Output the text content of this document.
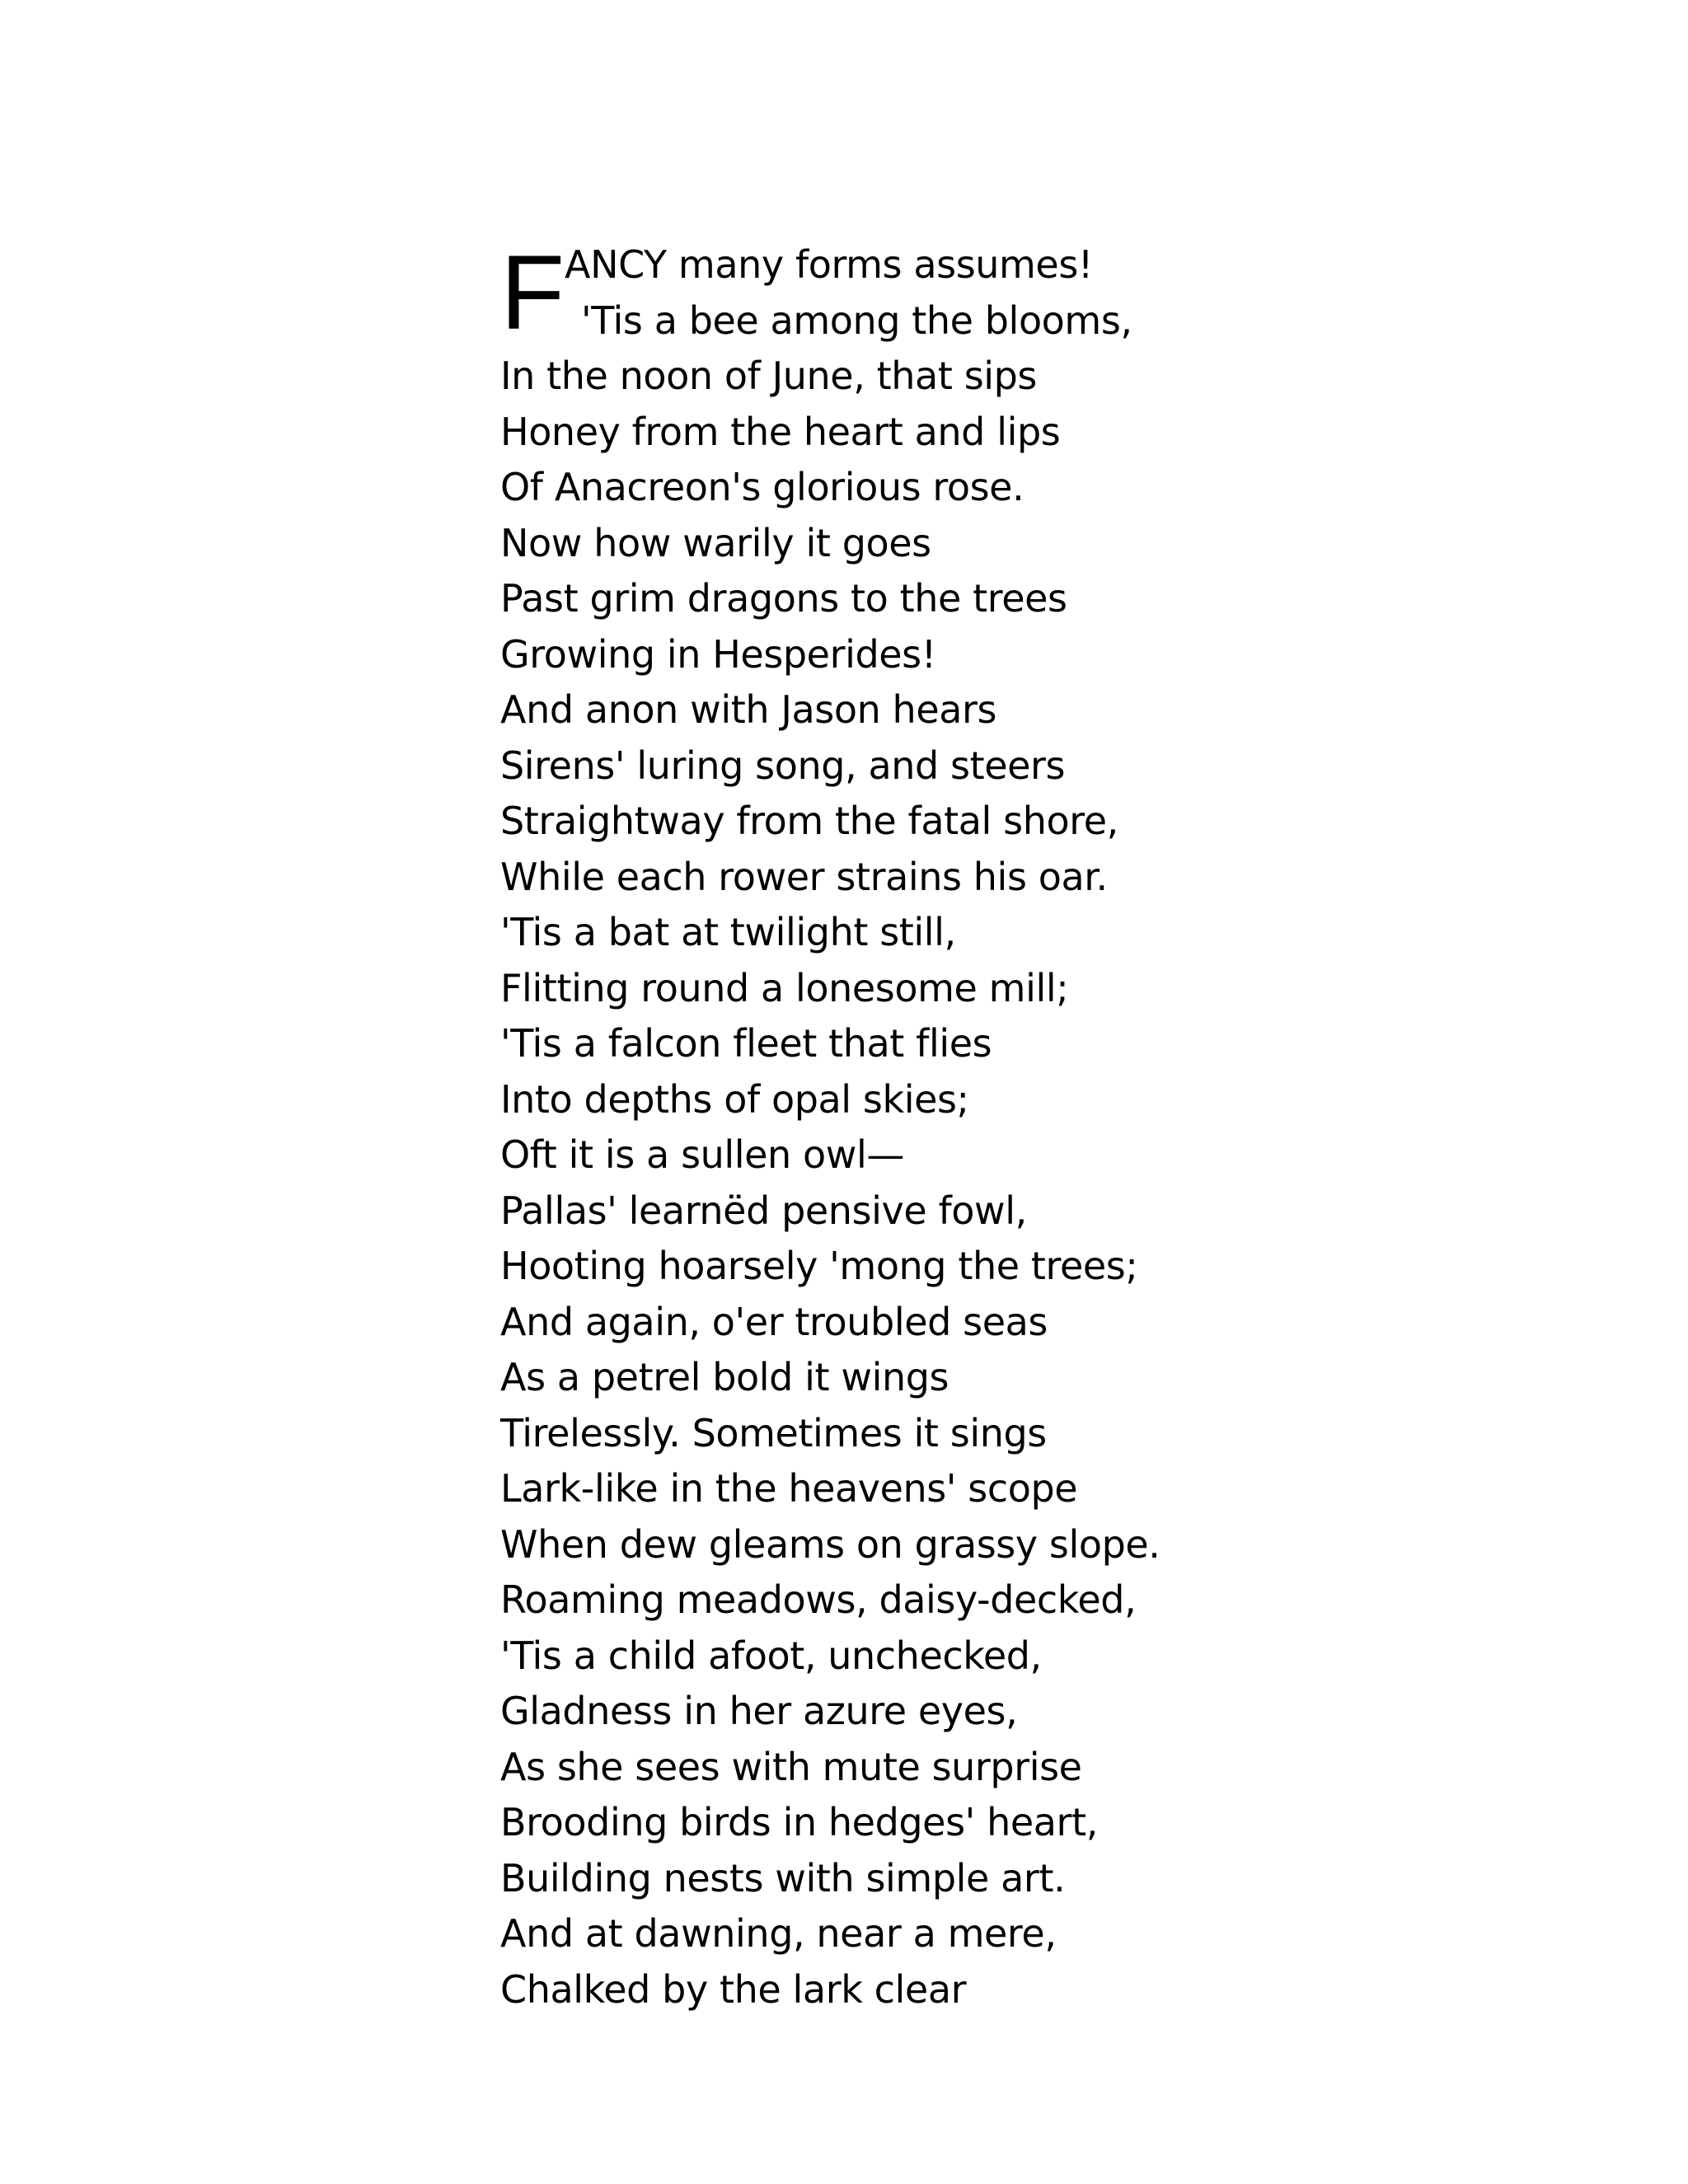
F ANCY many forms assumes!
'Tis a bee among the blooms,
In the noon of June, that sips
Honey from the heart and lips
Of Anacreon's glorious rose.
Now how warily it goes
Past grim dragons to the trees
Growing in Hesperides!
And anon with Jason hears
Sirens' luring song, and steers
Straightway from the fatal shore,
While each rower strains his oar.
'Tis a bat at twilight still,
Flitting round a lonesome mill;
'Tis a falcon fleet that flies
Into depths of opal skies;
Oft it is a sullen owl—
Pallas' learnëd pensive fowl,
Hooting hoarsely 'mong the trees;
And again, o'er troubled seas
As a petrel bold it wings
Tirelessly. Sometimes it sings
Lark-like in the heavens' scope
When dew gleams on grassy slope.
Roaming meadows, daisy-decked,
'Tis a child afoot, unchecked,
Gladness in her azure eyes,
As she sees with mute surprise
Brooding birds in hedges' heart,
Building nests with simple art.
And at dawning, near a mere,
Chalked by the lark clear
